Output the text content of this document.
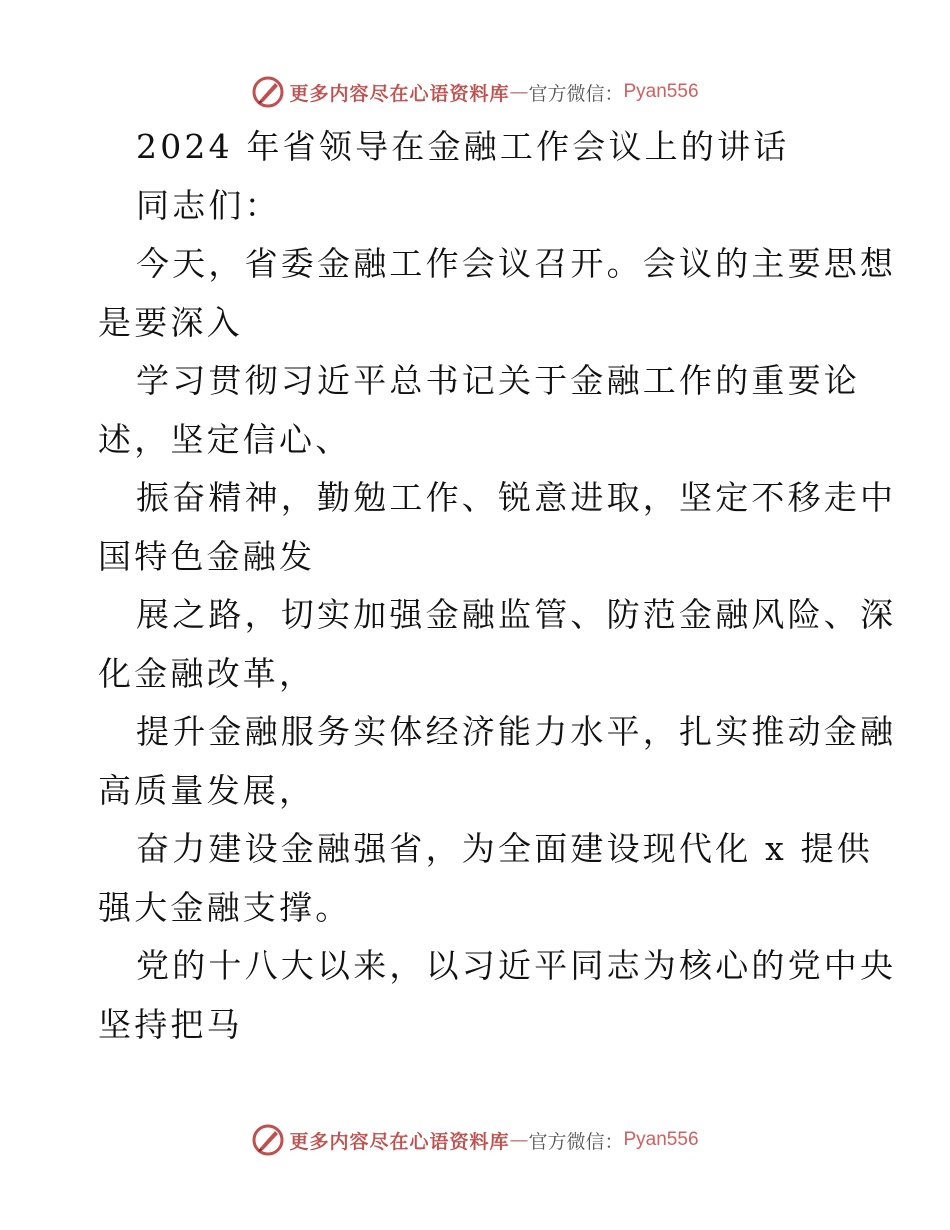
更多内容尽在心语资料库 — 官方微信： Pyan556
2024 年省领导在金融工作会议上的讲话
同志们：
今天，省委金融工作会议召开。会议的主要思想
是要深入
学习贯彻习近平总书记关于金融工作的重要论
述，坚定信心、
振奋精神，勤勉工作、锐意进取，坚定不移走中
国特色金融发
展之路，切实加强金融监管、防范金融风险、深
化金融改革，
提升金融服务实体经济能力水平，扎实推动金融
高质量发展，
奋力建设金融强省，为全面建设现代化 x 提供
强大金融支撑。
党的十八大以来，以习近平同志为核心的党中央
坚持把马
更多内容尽在心语资料库 — 官方微信： Pyan556
